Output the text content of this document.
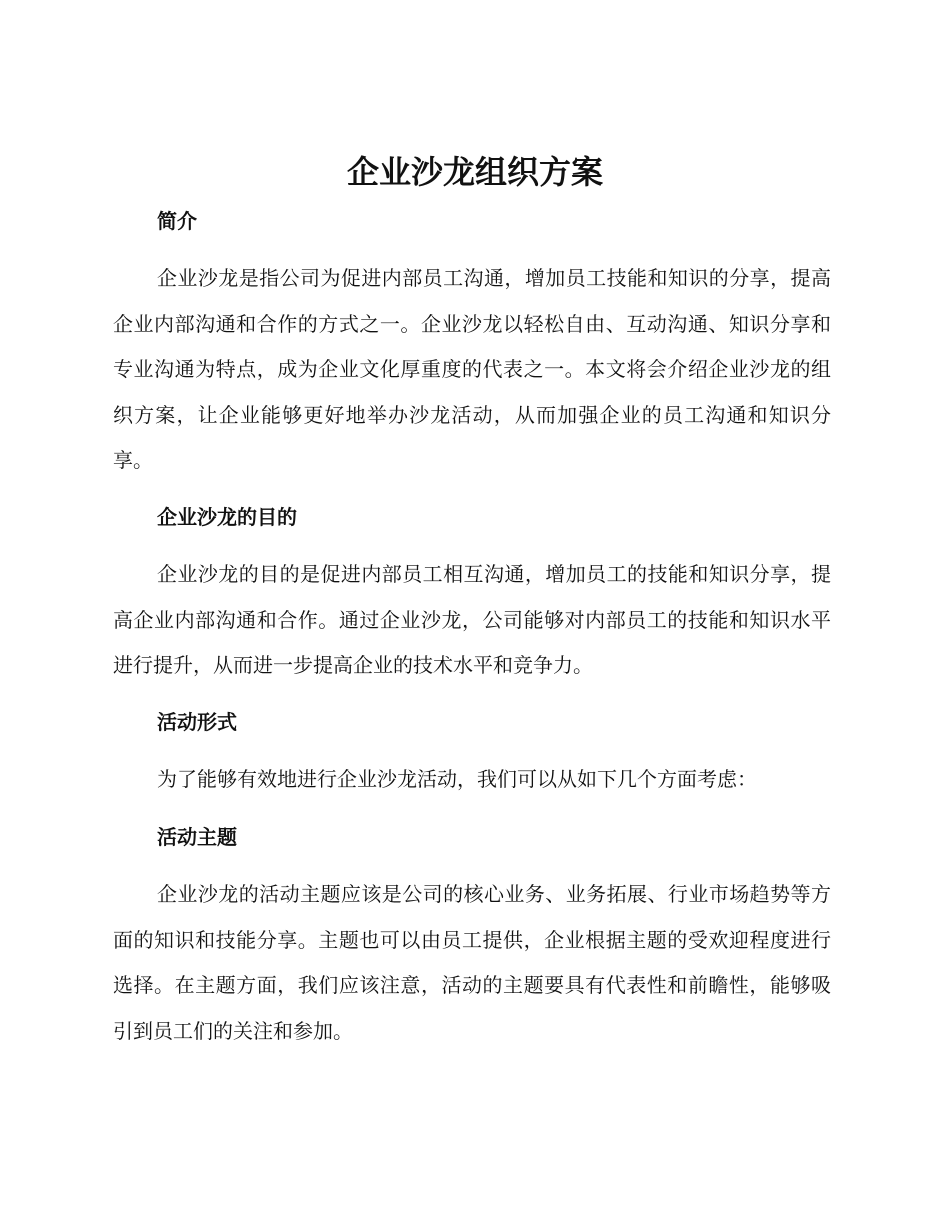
企业沙龙组织方案
简介

企业沙龙是指公司为促进内部员工沟通，增加员工技能和知识的分享，提高企业内部沟通和合作的方式之一。企业沙龙以轻松自由、互动沟通、知识分享和专业沟通为特点，成为企业文化厚重度的代表之一。本文将会介绍企业沙龙的组织方案，让企业能够更好地举办沙龙活动，从而加强企业的员工沟通和知识分享。

企业沙龙的目的

企业沙龙的目的是促进内部员工相互沟通，增加员工的技能和知识分享，提高企业内部沟通和合作。通过企业沙龙，公司能够对内部员工的技能和知识水平进行提升，从而进一步提高企业的技术水平和竞争力。

活动形式

为了能够有效地进行企业沙龙活动，我们可以从如下几个方面考虑：

活动主题

企业沙龙的活动主题应该是公司的核心业务、业务拓展、行业市场趋势等方面的知识和技能分享。主题也可以由员工提供，企业根据主题的受欢迎程度进行选择。在主题方面，我们应该注意，活动的主题要具有代表性和前瞻性，能够吸引到员工们的关注和参加。
